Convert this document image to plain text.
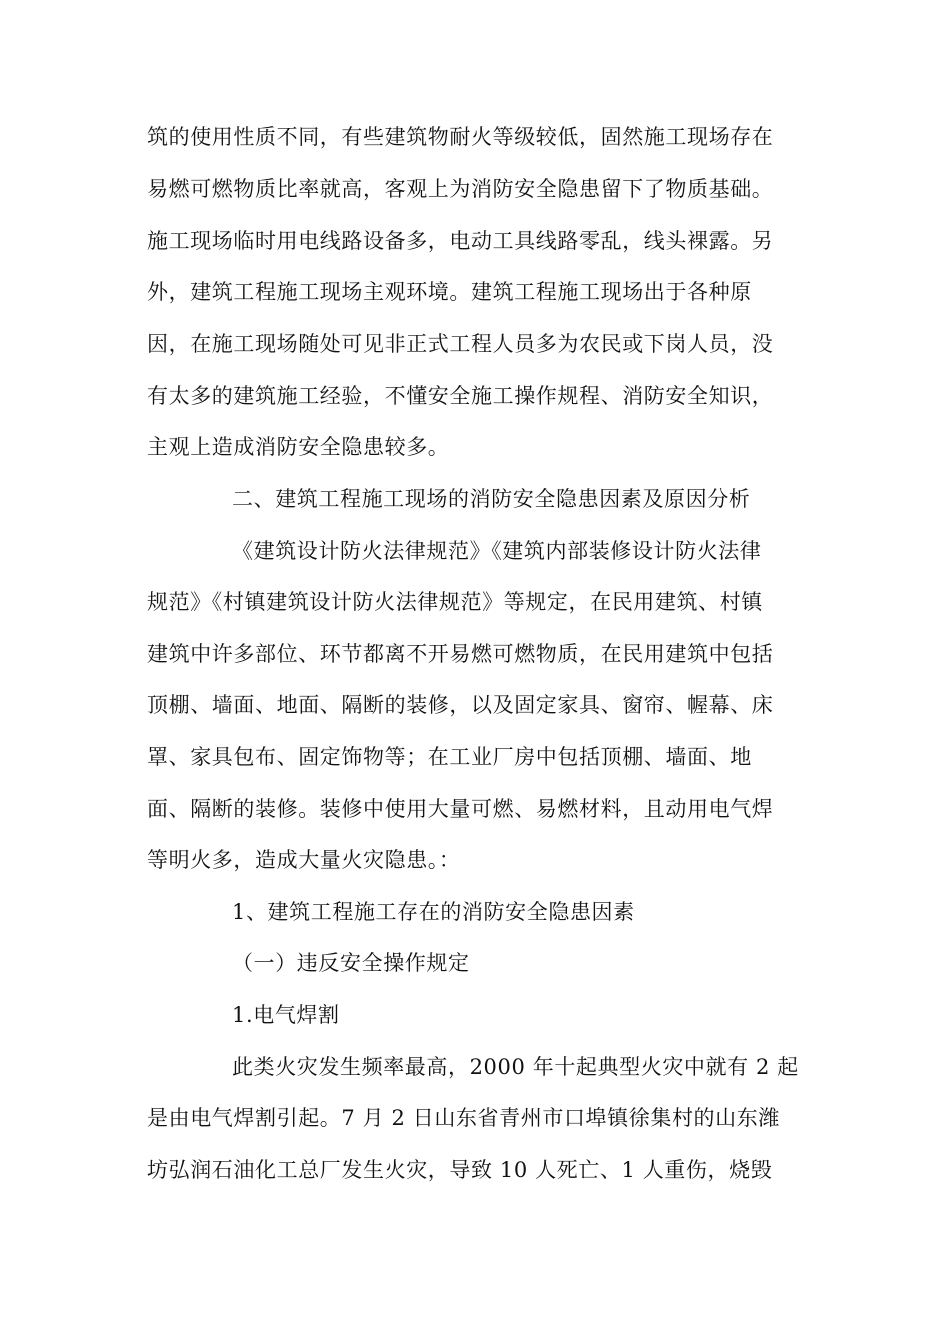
筑的使用性质不同，有些建筑物耐火等级较低，固然施工现场存在
易燃可燃物质比率就高，客观上为消防安全隐患留下了物质基础。
施工现场临时用电线路设备多，电动工具线路零乱，线头裸露。另
外，建筑工程施工现场主观环境。建筑工程施工现场出于各种原
因，在施工现场随处可见非正式工程人员多为农民或下岗人员，没
有太多的建筑施工经验，不懂安全施工操作规程、消防安全知识，
主观上造成消防安全隐患较多。
二、建筑工程施工现场的消防安全隐患因素及原因分析
《建筑设计防火法律规范》《建筑内部装修设计防火法律
规范》《村镇建筑设计防火法律规范》等规定，在民用建筑、村镇
建筑中许多部位、环节都离不开易燃可燃物质，在民用建筑中包括
顶棚、墙面、地面、隔断的装修，以及固定家具、窗帘、幄幕、床
罩、家具包布、固定饰物等；在工业厂房中包括顶棚、墙面、地
面、隔断的装修。装修中使用大量可燃、易燃材料，且动用电气焊
等明火多，造成大量火灾隐患。：
1、建筑工程施工存在的消防安全隐患因素
（一）违反安全操作规定
1.电气焊割
此类火灾发生频率最高，2000 年十起典型火灾中就有 2 起
是由电气焊割引起。7 月 2 日山东省青州市口埠镇徐集村的山东潍
坊弘润石油化工总厂发生火灾，导致 10 人死亡、1 人重伤，烧毁
